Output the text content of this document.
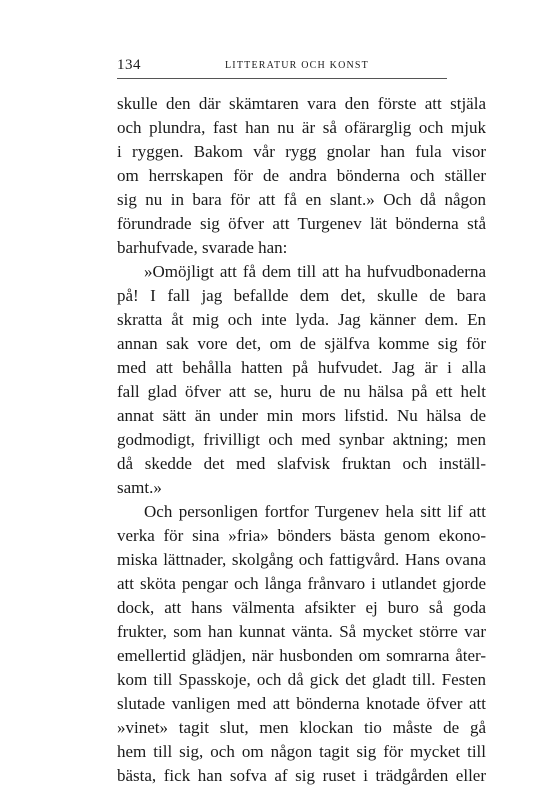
134	LITTERATUR OCH KONST
skulle den där skämtaren vara den förste att stjäla
och plundra, fast han nu är så ofärarglig och mjuk
i ryggen. Bakom vår rygg gnolar han fula visor
om herrskapen för de andra bönderna och ställer
sig nu in bara för att få en slant.» Och då någon
förundrade sig öfver att Turgenev lät bönderna stå
barhufvade, svarade han:
»Omöjligt att få dem till att ha hufvudbonaderna
på! I fall jag befallde dem det, skulle de bara
skratta åt mig och inte lyda. Jag känner dem. En
annan sak vore det, om de själfva komme sig för
med att behålla hatten på hufvudet. Jag är i alla
fall glad öfver att se, huru de nu hälsa på ett helt
annat sätt än under min mors lifstid. Nu hälsa de
godmodigt, frivilligt och med synbar aktning; men
då skedde det med slafvisk fruktan och inställ-
samt.»
Och personligen fortfor Turgenev hela sitt lif att
verka för sina »fria» bönders bästa genom ekono-
miska lättnader, skolgång och fattigvård. Hans ovana
att sköta pengar och långa frånvaro i utlandet gjorde
dock, att hans välmenta afsikter ej buro så goda
frukter, som han kunnat vänta. Så mycket större var
emellertid glädjen, när husbonden om somrarna åter-
kom till Spasskoje, och då gick det gladt till. Festen
slutade vanligen med att bönderna knotade öfver att
»vinet» tagit slut, men klockan tio måste de gå
hem till sig, och om någon tagit sig för mycket till
bästa, fick han sofva af sig ruset i trädgården eller
